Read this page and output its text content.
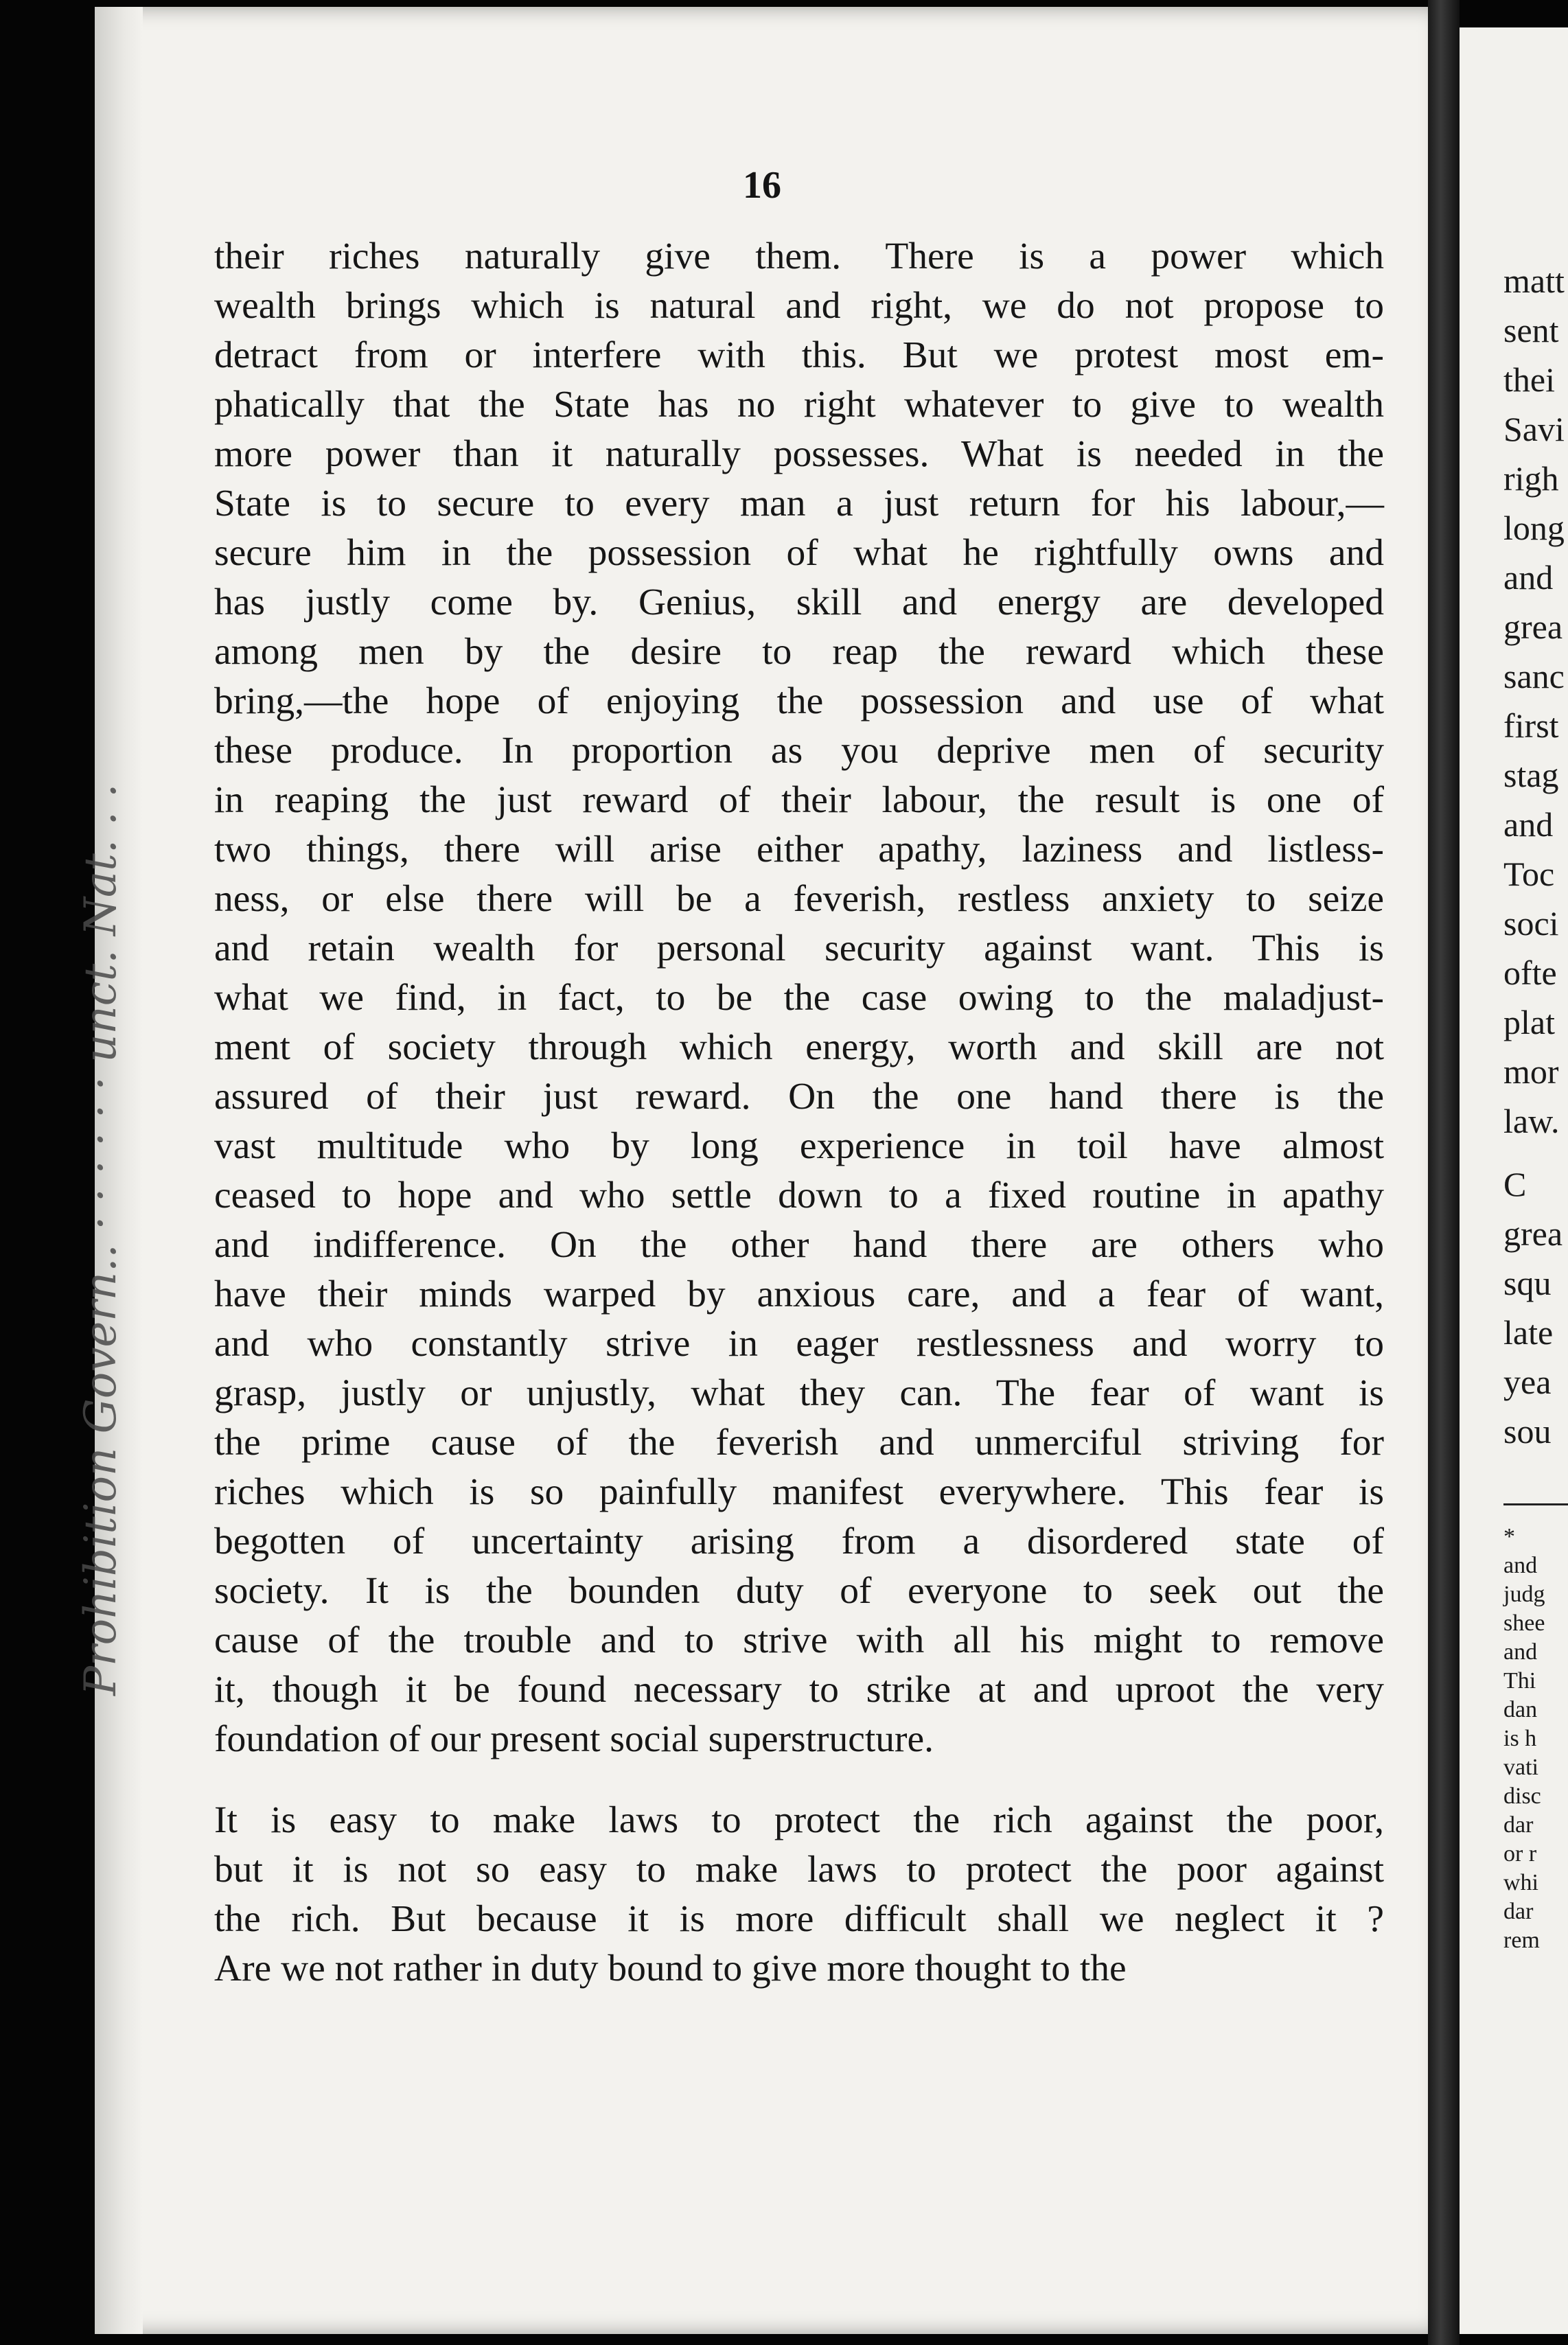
16
their riches naturally give them. There is a power which
wealth brings which is natural and right, we do not propose to
detract from or interfere with this. But we protest most em-
phatically that the State has no right whatever to give to wealth
more power than it naturally possesses. What is needed in the
State is to secure to every man a just return for his labour,—
secure him in the possession of what he rightfully owns and
has justly come by. Genius, skill and energy are developed
among men by the desire to reap the reward which these
bring,—the hope of enjoying the possession and use of what
these produce. In proportion as you deprive men of security
in reaping the just reward of their labour, the result is one of
two things, there will arise either apathy, laziness and listless-
ness, or else there will be a feverish, restless anxiety to seize
and retain wealth for personal security against want. This is
what we find, in fact, to be the case owing to the maladjust-
ment of society through which energy, worth and skill are not
assured of their just reward. On the one hand there is the
vast multitude who by long experience in toil have almost
ceased to hope and who settle down to a fixed routine in apathy
and indifference. On the other hand there are others who
have their minds warped by anxious care, and a fear of want,
and who constantly strive in eager restlessness and worry to
grasp, justly or unjustly, what they can. The fear of want is
the prime cause of the feverish and unmerciful striving for
riches which is so painfully manifest everywhere. This fear is
begotten of uncertainty arising from a disordered state of
society. It is the bounden duty of everyone to seek out the
cause of the trouble and to strive with all his might to remove
it, though it be found necessary to strike at and uproot the very
foundation of our present social superstructure.
It is easy to make laws to protect the rich against the poor,
but it is not so easy to make laws to protect the poor against
the rich. But because it is more difficult shall we neglect it ?
Are we not rather in duty bound to give more thought to the
Prohibition Govern.. · · · · · · unct. Nat. . .
matt
sent
thei
Savi
righ
long
and
grea
sanc
first
stag
and
Toc
soci
ofte
plat
mor
law.
C
grea
squ
late
yea
sou
*
and
judg
shee
and
Thi
dan
is h
vati
disc
dar
or r
whi
dar
rem
